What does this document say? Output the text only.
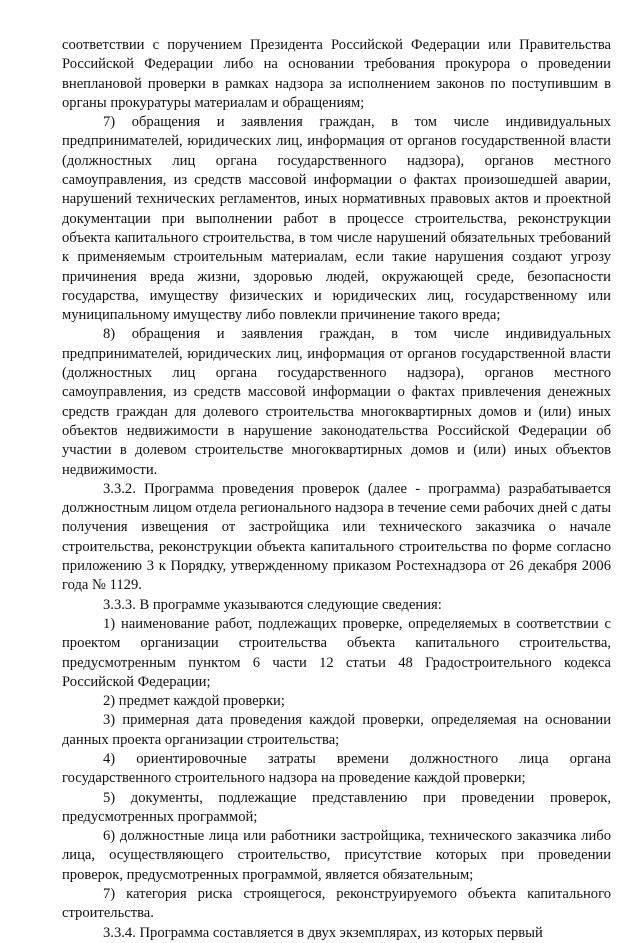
соответствии с поручением Президента Российской Федерации или Правительства Российской Федерации либо на основании требования прокурора о проведении внеплановой проверки в рамках надзора за исполнением законов по поступившим в органы прокуратуры материалам и обращениям;

7) обращения и заявления граждан, в том числе индивидуальных предпринимателей, юридических лиц, информация от органов государственной власти (должностных лиц органа государственного надзора), органов местного самоуправления, из средств массовой информации о фактах произошедшей аварии, нарушений технических регламентов, иных нормативных правовых актов и проектной документации при выполнении работ в процессе строительства, реконструкции объекта капитального строительства, в том числе нарушений обязательных требований к применяемым строительным материалам, если такие нарушения создают угрозу причинения вреда жизни, здоровью людей, окружающей среде, безопасности государства, имуществу физических и юридических лиц, государственному или муниципальному имуществу либо повлекли причинение такого вреда;

8) обращения и заявления граждан, в том числе индивидуальных предпринимателей, юридических лиц, информация от органов государственной власти (должностных лиц органа государственного надзора), органов местного самоуправления, из средств массовой информации о фактах привлечения денежных средств граждан для долевого строительства многоквартирных домов и (или) иных объектов недвижимости в нарушение законодательства Российской Федерации об участии в долевом строительстве многоквартирных домов и (или) иных объектов недвижимости.

3.3.2. Программа проведения проверок (далее - программа) разрабатывается должностным лицом отдела регионального надзора в течение семи рабочих дней с даты получения извещения от застройщика или технического заказчика о начале строительства, реконструкции объекта капитального строительства по форме согласно приложению 3 к Порядку, утвержденному приказом Ростехнадзора от 26 декабря 2006 года № 1129.

3.3.3. В программе указываются следующие сведения:

1) наименование работ, подлежащих проверке, определяемых в соответствии с проектом организации строительства объекта капитального строительства, предусмотренным пунктом 6 части 12 статьи 48 Градостроительного кодекса Российской Федерации;

2) предмет каждой проверки;

3) примерная дата проведения каждой проверки, определяемая на основании данных проекта организации строительства;

4) ориентировочные затраты времени должностного лица органа государственного строительного надзора на проведение каждой проверки;

5) документы, подлежащие представлению при проведении проверок, предусмотренных программой;

6) должностные лица или работники застройщика, технического заказчика либо лица, осуществляющего строительство, присутствие которых при проведении проверок, предусмотренных программой, является обязательным;

7) категория риска строящегося, реконструируемого объекта капитального строительства.

3.3.4. Программа составляется в двух экземплярах, из которых первый
